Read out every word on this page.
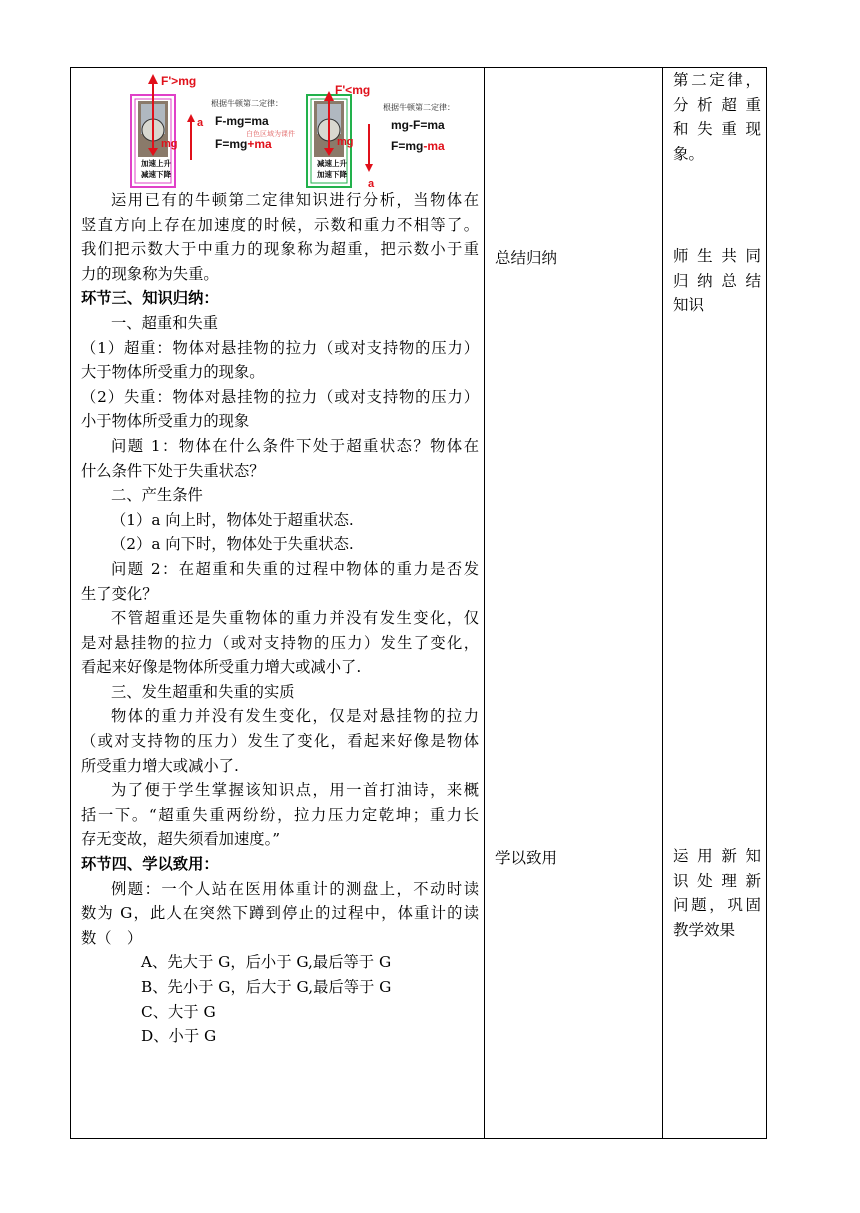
F'>mg
mg
加速上升
减速下降
a
根据牛顿第二定律：
F-mg=ma
F=mg+ma
白色区域为课件
F'<mg
mg
减速上升
加速下降
a
根据牛顿第二定律：
mg-F=ma
F=mg-ma
运用已有的牛顿第二定律知识进行分析，当物体在
竖直方向上存在加速度的时候，示数和重力不相等了。
我们把示数大于中重力的现象称为超重，把示数小于重
力的现象称为失重。
环节三、知识归纳：
一、超重和失重
（1）超重：物体对悬挂物的拉力（或对支持物的压力）
大于物体所受重力的现象。
（2）失重：物体对悬挂物的拉力（或对支持物的压力）
小于物体所受重力的现象
问题 1：物体在什么条件下处于超重状态？物体在
什么条件下处于失重状态？
二、产生条件
（1）a 向上时，物体处于超重状态.
（2）a 向下时，物体处于失重状态.
问题 2：在超重和失重的过程中物体的重力是否发
生了变化？
不管超重还是失重物体的重力并没有发生变化，仅
是对悬挂物的拉力（或对支持物的压力）发生了变化，
看起来好像是物体所受重力增大或减小了.
三、发生超重和失重的实质
物体的重力并没有发生变化，仅是对悬挂物的拉力
（或对支持物的压力）发生了变化，看起来好像是物体
所受重力增大或减小了.
为了便于学生掌握该知识点，用一首打油诗，来概
括一下。“超重失重两纷纷，拉力压力定乾坤；重力长
存无变故，超失须看加速度。”
环节四、学以致用：
例题：一个人站在医用体重计的测盘上，不动时读
数为 G，此人在突然下蹲到停止的过程中，体重计的读
数（　）
A、先大于 G，后小于 G,最后等于 G
B、先小于 G，后大于 G,最后等于 G
C、大于 G
D、小于 G
总结归纳
学以致用
第二定律，
分析超重
和失重现
象。
师生共同
归纳总结
知识
运用新知
识处理新
问题，巩固
教学效果
